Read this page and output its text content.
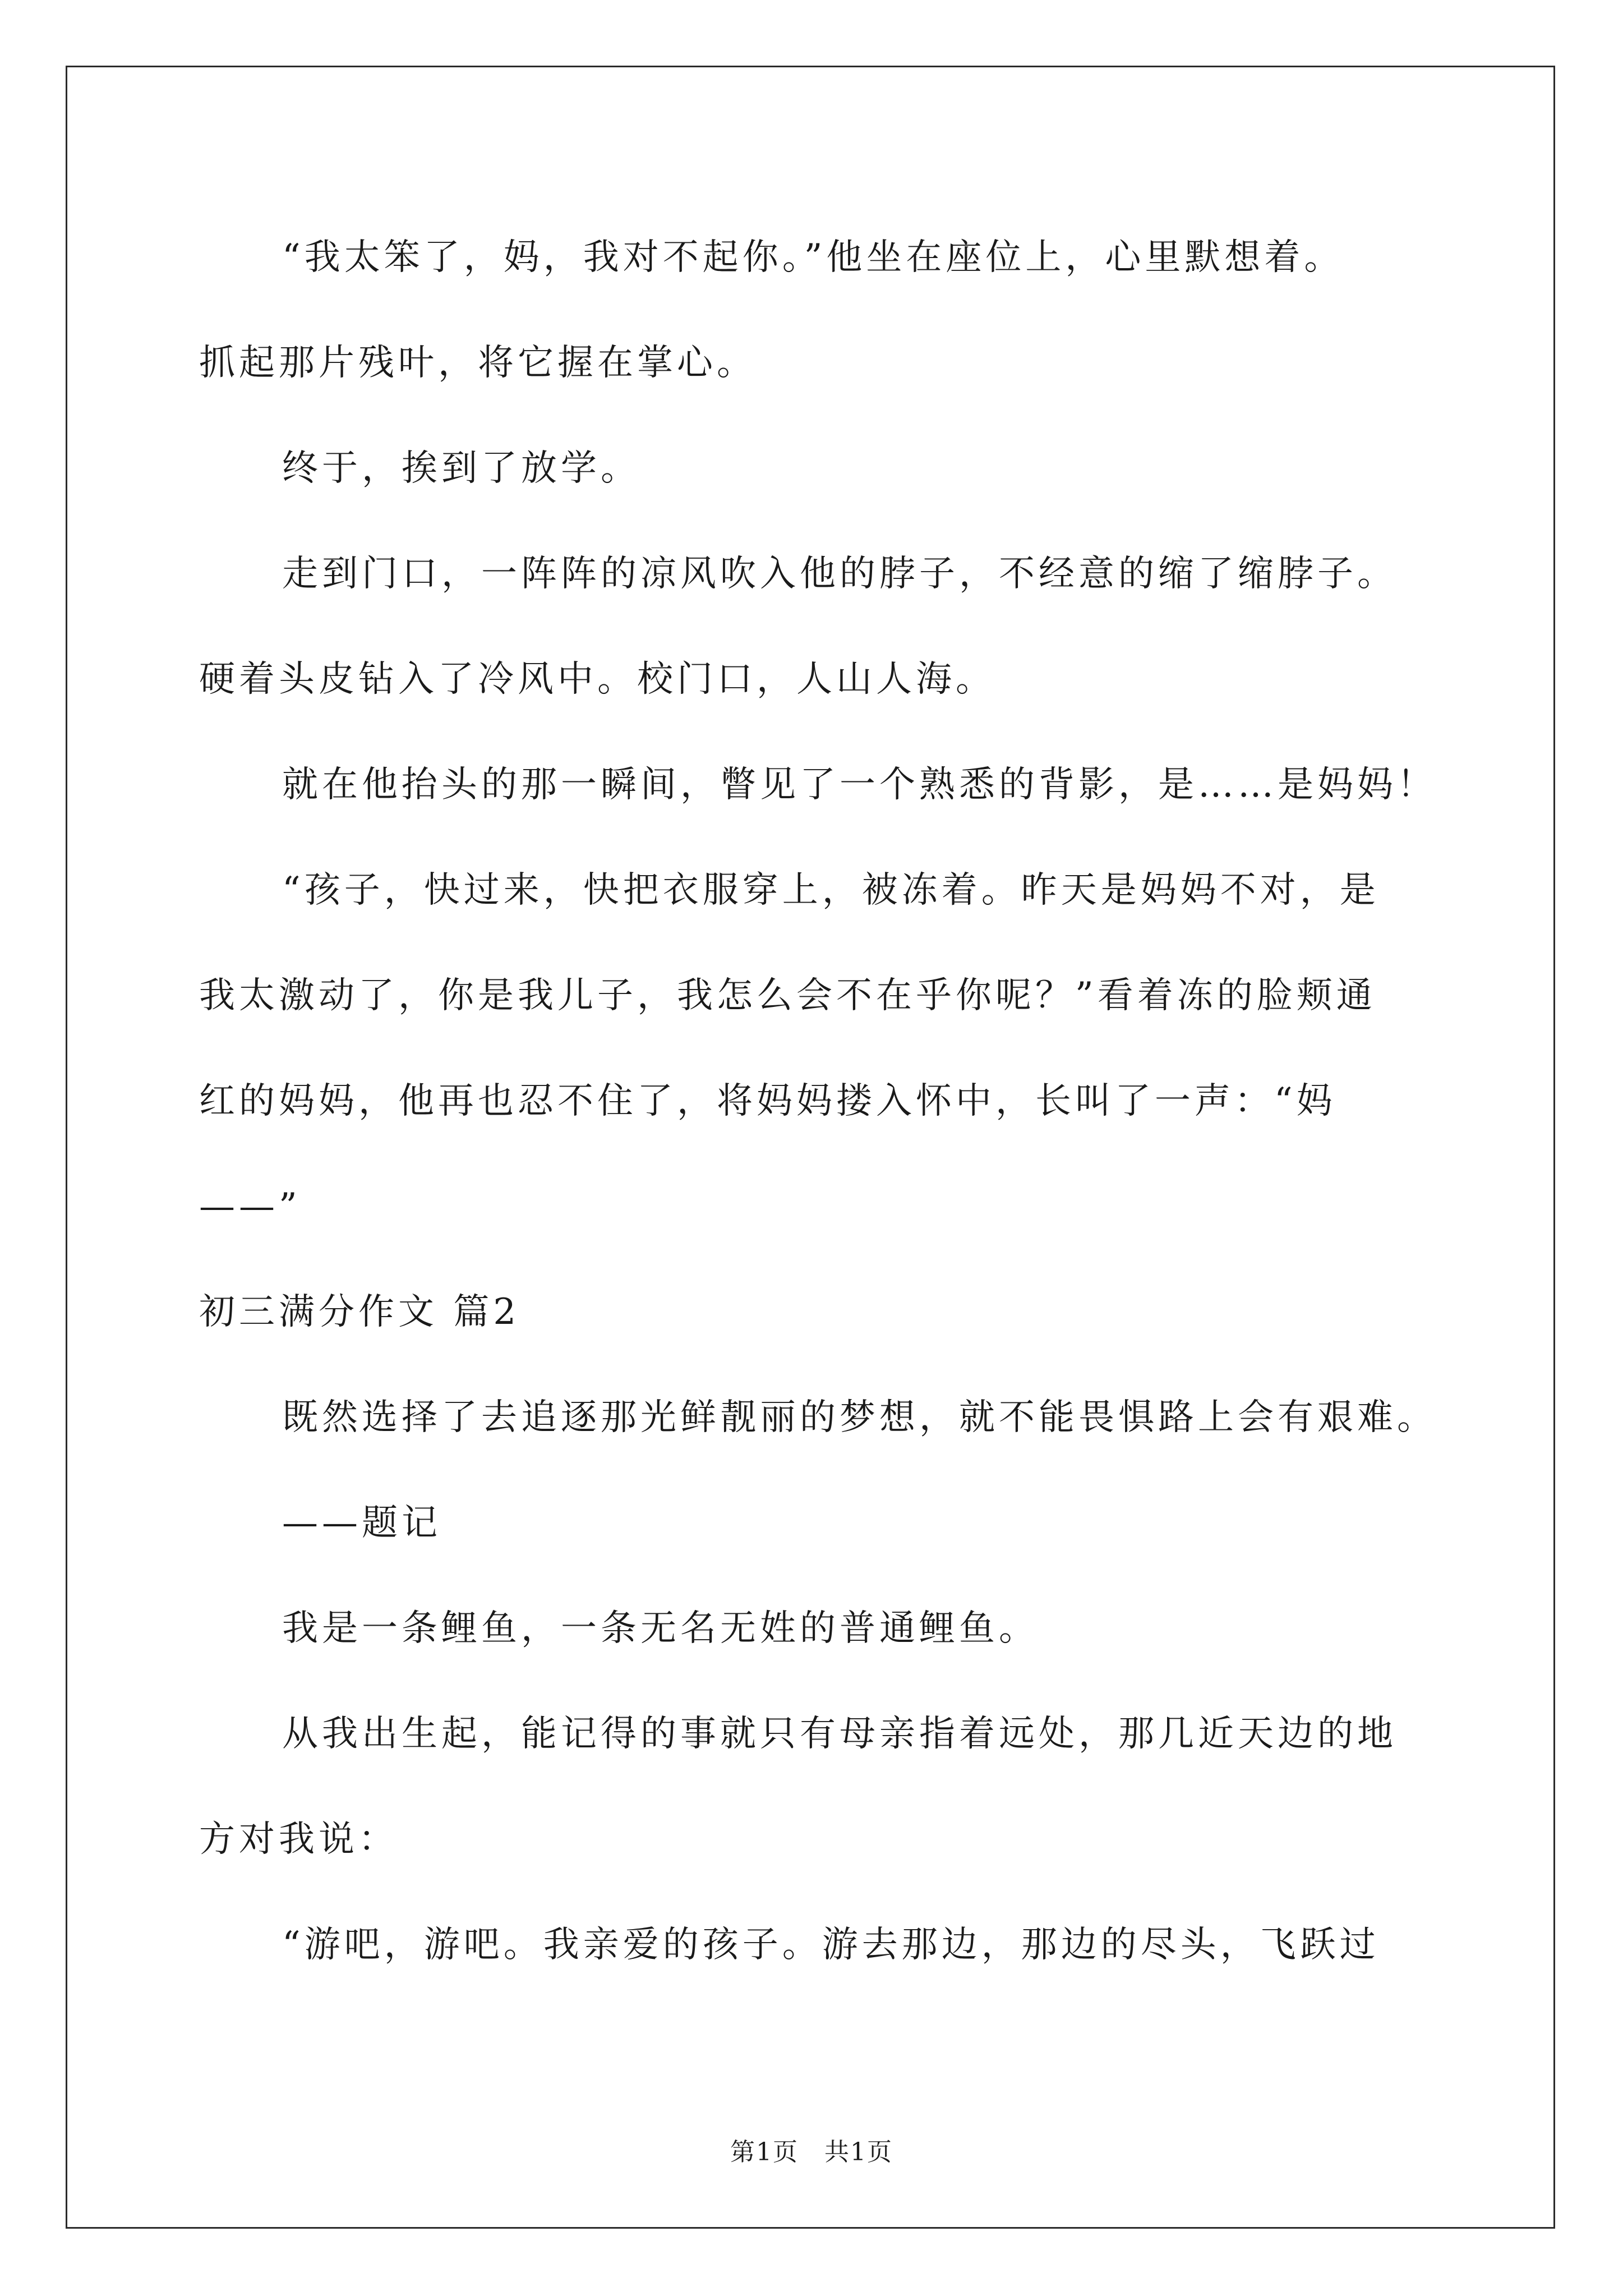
“我太笨了，妈，我对不起你。”他坐在座位上，心里默想着。
抓起那片残叶，将它握在掌心。
终于，挨到了放学。
走到门口，一阵阵的凉风吹入他的脖子，不经意的缩了缩脖子。
硬着头皮钻入了冷风中。校门口，人山人海。
就在他抬头的那一瞬间，瞥见了一个熟悉的背影，是……是妈妈！
“孩子，快过来，快把衣服穿上，被冻着。昨天是妈妈不对，是
我太激动了，你是我儿子，我怎么会不在乎你呢？”看着冻的脸颊通
红的妈妈，他再也忍不住了，将妈妈搂入怀中，长叫了一声：“妈
——”
初三满分作文 篇2
既然选择了去追逐那光鲜靓丽的梦想，就不能畏惧路上会有艰难。
——题记
我是一条鲤鱼，一条无名无姓的普通鲤鱼。
从我出生起，能记得的事就只有母亲指着远处，那几近天边的地
方对我说：
“游吧，游吧。我亲爱的孩子。游去那边，那边的尽头，飞跃过
第1页　共1页
